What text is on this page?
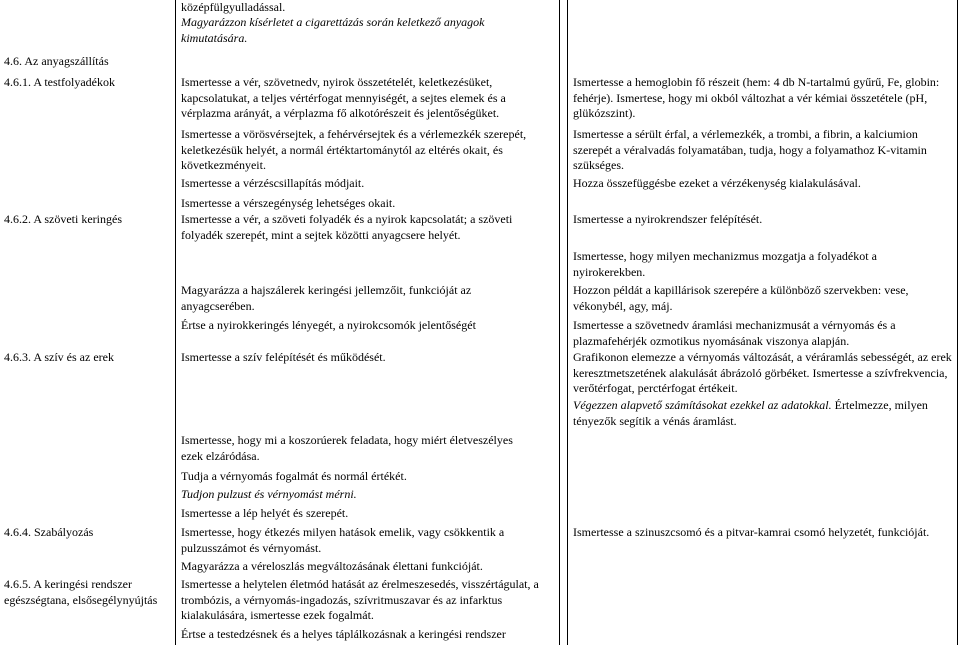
középfülgyulladással.

Magyarázzon kísérletet a cigarettázás során keletkező anyagok kimutatására.

4.6. Az anyagszállítás

4.6.1. A testfolyadékok

4.6.2. A szöveti keringés

4.6.3. A szív és az erek

4.6.4. Szabályozás

4.6.5. A keringési rendszer egészségtana, elsősegélynyújtás

Ismertesse a vér, szövetnedv, nyirok összetételét, keletkezésüket, kapcsolatukat, a teljes vértérfogat mennyiségét, a sejtes elemek és a vérplazma arányát, a vérplazma fő alkotórészeit és jelentőségüket.

Ismertesse a vörösvérsejtek, a fehérvérsejtek és a vérlemezkék szerepét, keletkezésük helyét, a normál értéktartománytól az eltérés okait, és következményeit.

Ismertesse a vérzéscsillapítás módjait.

Ismertesse a vérszegénység lehetséges okait.

Ismertesse a vér, a szöveti folyadék és a nyirok kapcsolatát; a szöveti folyadék szerepét, mint a sejtek közötti anyagcsere helyét.

Magyarázza a hajszálerek keringési jellemzőit, funkcióját az anyagcserében.

Értse a nyirokkeringés lényegét, a nyirokcsomók jelentőségét

Ismertesse a szív felépítését és működését.

Ismertesse, hogy mi a koszorúerek feladata, hogy miért életveszélyes ezek elzáródása.

Tudja a vérnyomás fogalmát és normál értékét.

Tudjon pulzust és vérnyomást mérni.

Ismertesse a lép helyét és szerepét.

Ismertesse, hogy étkezés milyen hatások emelik, vagy csökkentik a pulzusszámot és vérnyomást.

Magyarázza a véreloszlás megváltozásának élettani funkcióját.

Ismertesse a helytelen életmód hatását az érelmeszesedés, visszértágulat, a trombózis, a vérnyomás-ingadozás, szívritmuszavar és az infarktus kialakulására, ismertesse ezek fogalmát.

Értse a testedzésnek és a helyes táplálkozásnak a keringési rendszer

Ismertesse a hemoglobin fő részeit (hem: 4 db N-tartalmú gyűrű, Fe, globin: fehérje). Ismertese, hogy mi okból változhat a vér kémiai összetétele (pH, glükózszint).

Ismertesse a sérült érfal, a vérlemezkék, a trombi, a fibrin, a kalciumion szerepét a véralvadás folyamatában, tudja, hogy a folyamathoz K-vitamin szükséges.

Hozza összefüggésbe ezeket a vérzékenység kialakulásával.

Ismertesse a nyirokrendszer felépítését.

Ismertesse, hogy milyen mechanizmus mozgatja a folyadékot a nyirokerekben.

Hozzon példát a kapillárisok szerepére a különböző szervekben: vese, vékonybél, agy, máj.

Ismertesse a szövetnedv áramlási mechanizmusát a vérnyomás és a plazmafehérjék ozmotikus nyomásának viszonya alapján.

Grafikonon elemezze a vérnyomás változását, a véráramlás sebességét, az erek keresztmetszetének alakulását ábrázoló görbéket. Ismertesse a szívfrekvencia, verőtérfogat, perctérfogat értékeit.

Végezzen alapvető számításokat ezekkel az adatokkal. Értelmezze, milyen tényezők segítik a vénás áramlást.

Ismertesse a szinuszcsomó és a pitvar-kamrai csomó helyzetét, funkcióját.
